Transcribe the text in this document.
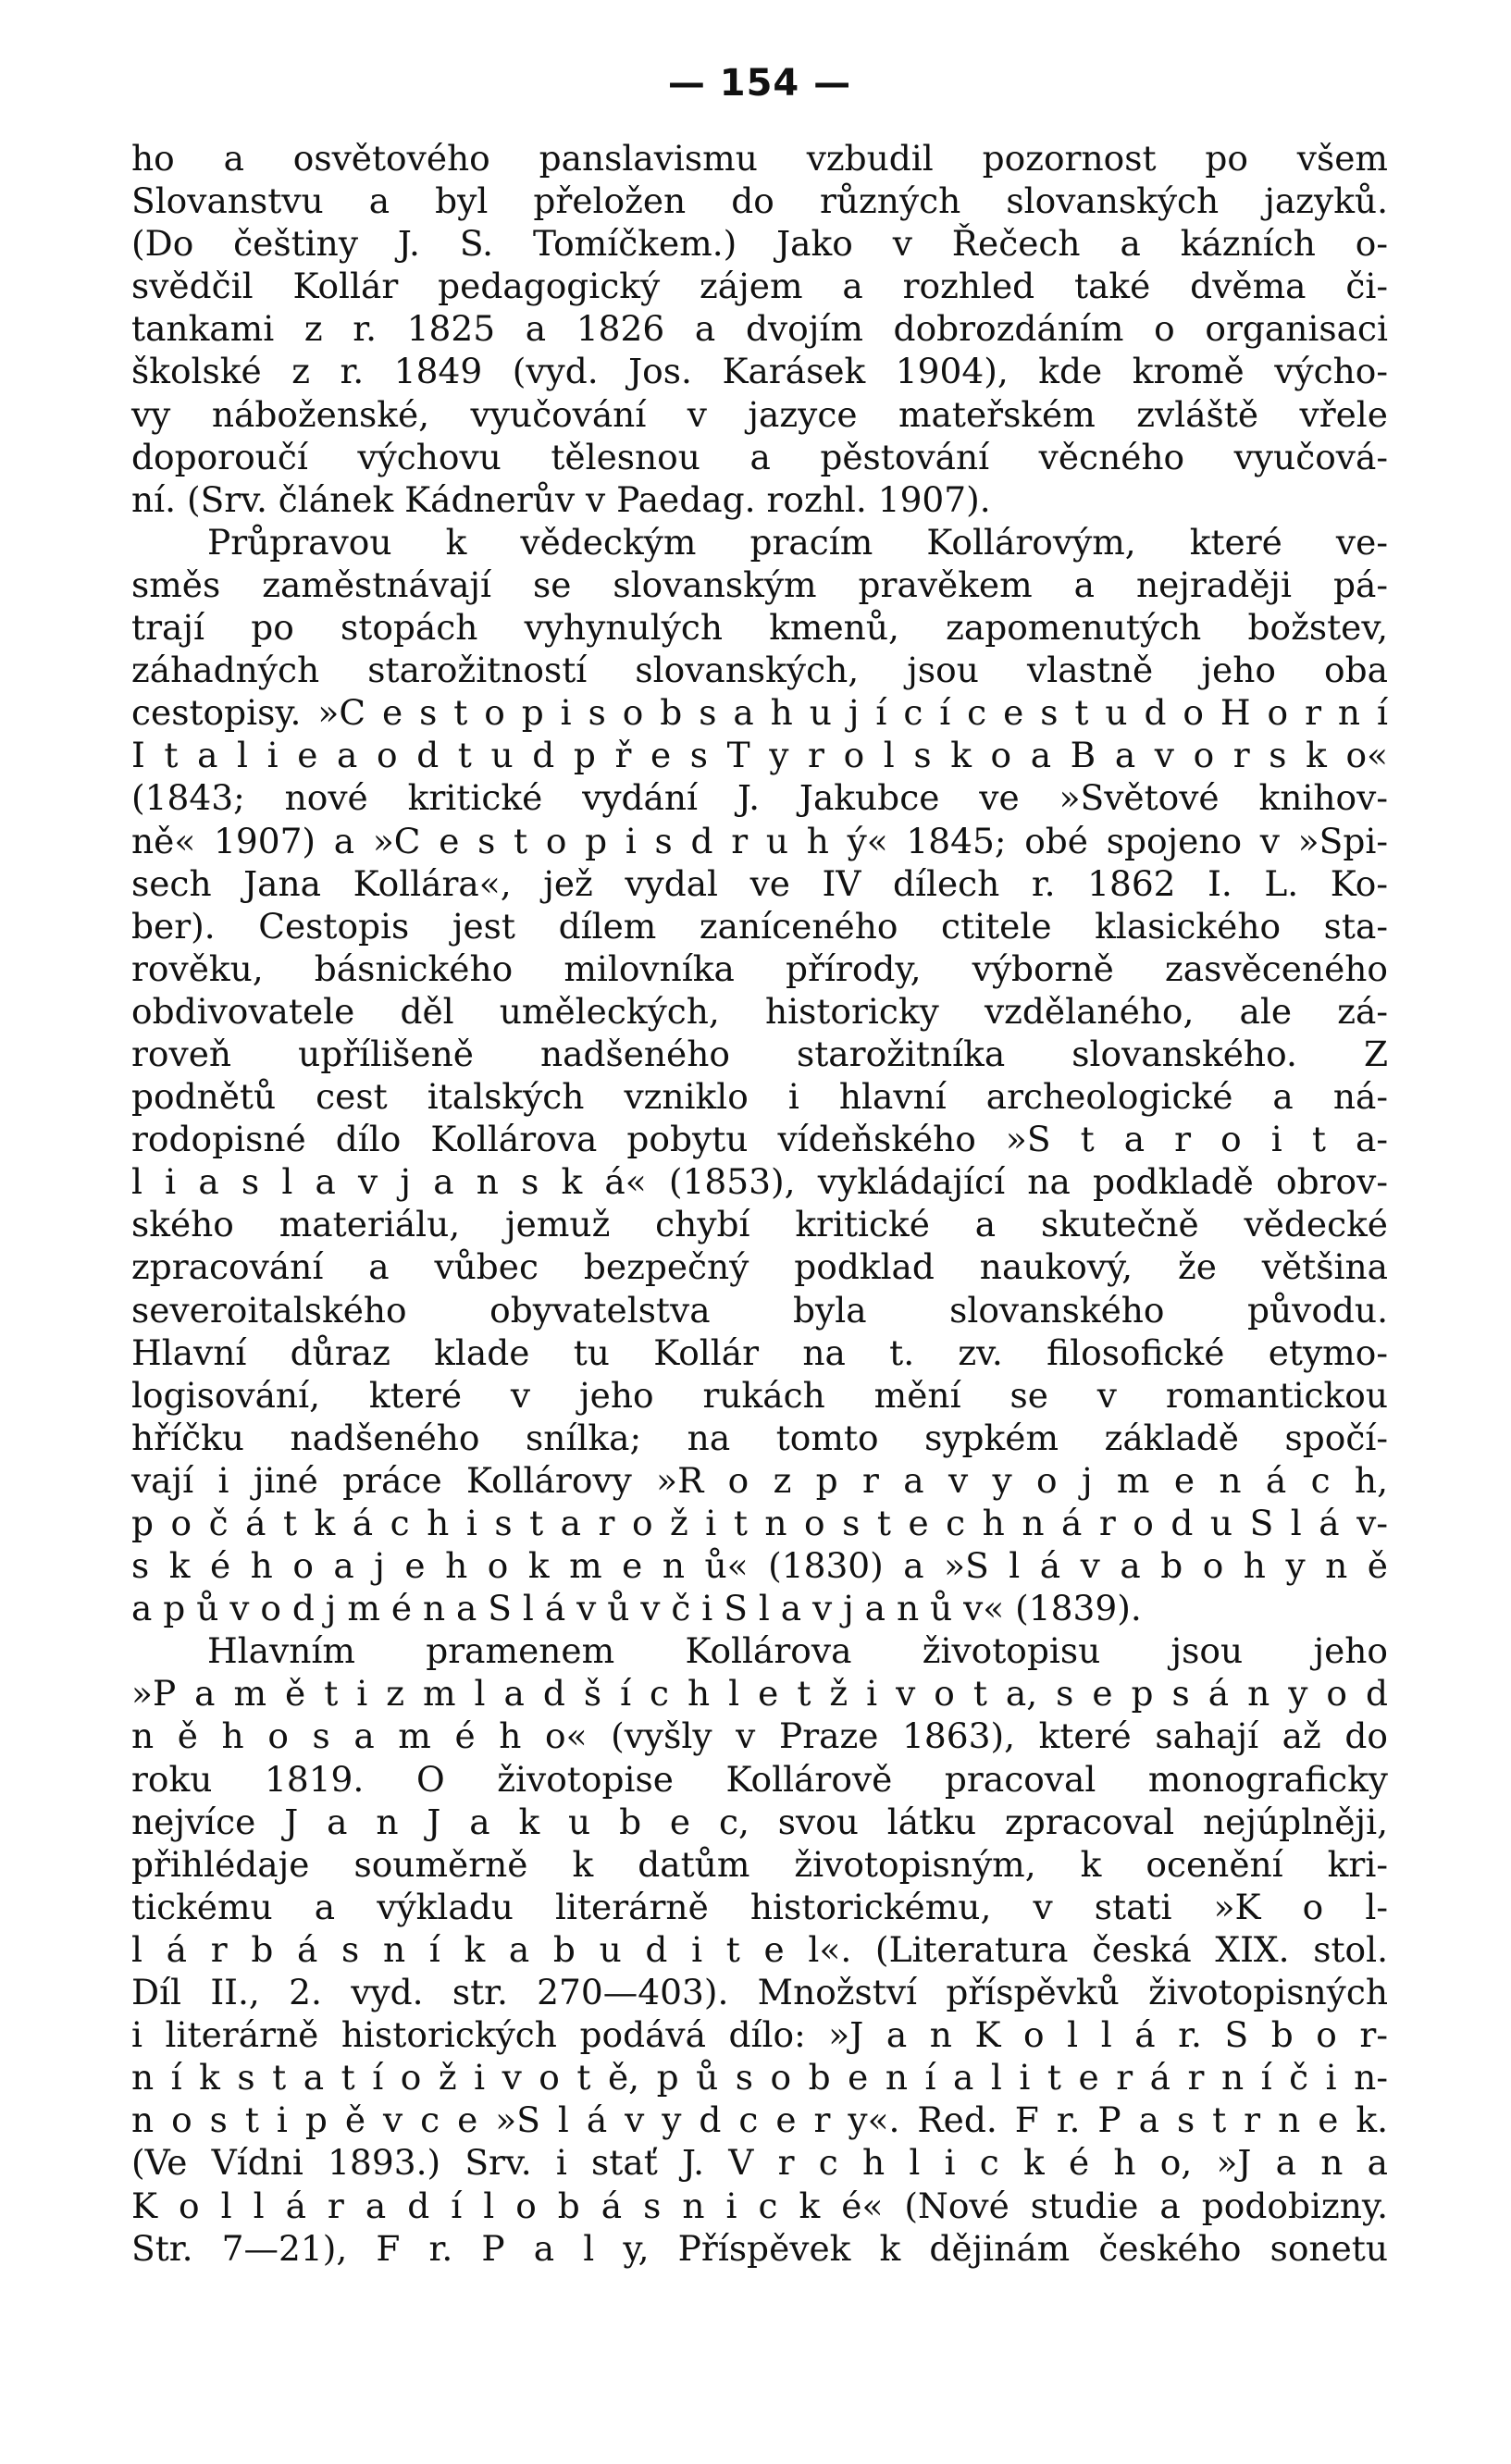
— 154 —
ho a osvětového panslavismu vzbudil pozornost po všem
Slovanstvu a byl přeložen do různých slovanských jazyků.
(Do češtiny J. S. Tomíčkem.) Jako v Řečech a kázních o-
svědčil Kollár pedagogický zájem a rozhled také dvěma či-
tankami z r. 1825 a 1826 a dvojím dobrozdáním o organisaci
školské z r. 1849 (vyd. Jos. Karásek 1904), kde kromě výcho-
vy náboženské, vyučování v jazyce mateřském zvláště vřele
doporoučí výchovu tělesnou a pěstování věcného vyučová-
ní. (Srv. článek Kádnerův v Paedag. rozhl. 1907).
Průpravou k vědeckým pracím Kollárovým, které ve-
směs zaměstnávají se slovanským pravěkem a nejraději pá-
trají po stopách vyhynulých kmenů, zapomenutých božstev,
záhadných starožitností slovanských, jsou vlastně jeho oba
cestopisy. »C e s t o p i s o b s a h u j í c í c e s t u d o H o r n í
I t a l i e a o d t u d p ř e s T y r o l s k o a B a v o r s k o«
(1843; nové kritické vydání J. Jakubce ve »Světové knihov-
ně« 1907) a »C e s t o p i s d r u h ý« 1845; obé spojeno v »Spi-
sech Jana Kollára«, jež vydal ve IV dílech r. 1862 I. L. Ko-
ber). Cestopis jest dílem zaníceného ctitele klasického sta-
rověku, básnického milovníka přírody, výborně zasvěceného
obdivovatele děl uměleckých, historicky vzdělaného, ale zá-
roveň upřílišeně nadšeného starožitníka slovanského. Z
podnětů cest italských vzniklo i hlavní archeologické a ná-
rodopisné dílo Kollárova pobytu vídeňského »S t a r o i t a-
l i a s l a v j a n s k á« (1853), vykládající na podkladě obrov-
ského materiálu, jemuž chybí kritické a skutečně vědecké
zpracování a vůbec bezpečný podklad naukový, že většina
severoitalského obyvatelstva byla slovanského původu.
Hlavní důraz klade tu Kollár na t. zv. filosofické etymo-
logisování, které v jeho rukách mění se v romantickou
hříčku nadšeného snílka; na tomto sypkém základě spočí-
vají i jiné práce Kollárovy »R o z p r a v y o j m e n á c h,
p o č á t k á c h i s t a r o ž i t n o s t e c h n á r o d u S l á v-
s k é h o a j e h o k m e n ů« (1830) a »S l á v a b o h y n ě
a p ů v o d j m é n a S l á v ů v č i S l a v j a n ů v« (1839).
Hlavním pramenem Kollárova životopisu jsou jeho
»P a m ě t i z m l a d š í c h l e t ž i v o t a, s e p s á n y o d
n ě h o s a m é h o« (vyšly v Praze 1863), které sahají až do
roku 1819. O životopise Kollárově pracoval monograficky
nejvíce J a n J a k u b e c, svou látku zpracoval nejúplněji,
přihlédaje souměrně k datům životopisným, k ocenění kri-
tickému a výkladu literárně historickému, v stati »K o l-
l á r b á s n í k a b u d i t e l«. (Literatura česká XIX. stol.
Díl II., 2. vyd. str. 270—403). Množství příspěvků životopisných
i literárně historických podává dílo: »J a n K o l l á r. S b o r-
n í k s t a t í o ž i v o t ě, p ů s o b e n í a l i t e r á r n í č i n-
n o s t i p ě v c e »S l á v y d c e r y«. Red. F r. P a s t r n e k.
(Ve Vídni 1893.) Srv. i stať J. V r c h l i c k é h o, »J a n a
K o l l á r a d í l o b á s n i c k é« (Nové studie a podobizny.
Str. 7—21), F r. P a l y, Příspěvek k dějinám českého sonetu
